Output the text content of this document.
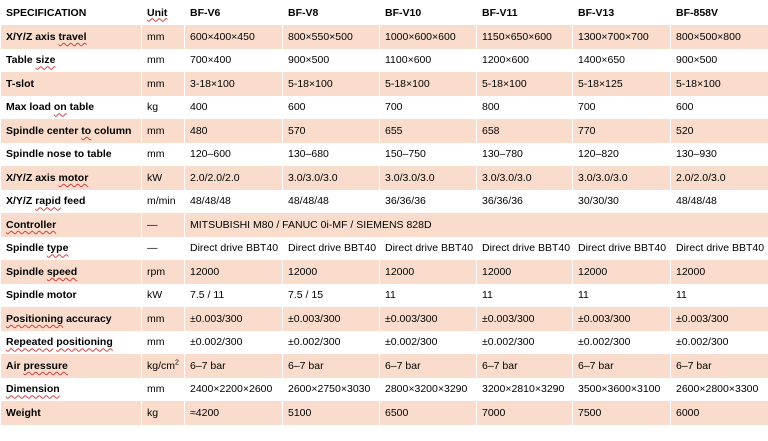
SPECIFICATION	Unit	BF-V6	BF-V8	BF-V10	BF-V11	BF-V13	BF-858V
X/Y/Z axis travel	mm	600×400×450	800×550×500	1000×600×600	1150×650×600	1300×700×700	800×500×800
Table size	mm	700×400	900×500	1100×600	1200×600	1400×650	900×500
T-slot	mm	3-18×100	5-18×100	5-18×100	5-18×100	5-18×125	5-18×100
Max load on table	kg	400	600	700	800	700	600
Spindle center to column	mm	480	570	655	658	770	520
Spindle nose to table	mm	120–600	130–680	150–750	130–780	120–820	130–930
X/Y/Z axis motor	kW	2.0/2.0/2.0	3.0/3.0/3.0	3.0/3.0/3.0	3.0/3.0/3.0	3.0/3.0/3.0	2.0/2.0/3.0
X/Y/Z rapid feed	m/min	48/48/48	48/48/48	36/36/36	36/36/36	30/30/30	48/48/48
Controller	—	MITSUBISHI M80 / FANUC 0i-MF / SIEMENS 828D					
Spindle type	—	Direct drive BBT40	Direct drive BBT40	Direct drive BBT40	Direct drive BBT40	Direct drive BBT40	Direct drive BBT40
Spindle speed	rpm	12000	12000	12000	12000	12000	12000
Spindle motor	kW	7.5 / 11	7.5 / 15	11	11	11	11
Positioning accuracy	mm	±0.003/300	±0.003/300	±0.003/300	±0.003/300	±0.003/300	±0.003/300
Repeated positioning	mm	±0.002/300	±0.002/300	±0.002/300	±0.002/300	±0.002/300	±0.002/300
Air pressure	$kg/cm^2$	6–7 bar	6–7 bar	6–7 bar	6–7 bar	6–7 bar	6–7 bar
Dimension	mm	2400×2200×2600	2600×2750×3030	2800×3200×3290	3200×2810×3290	3500×3600×3100	2600×2800×3300
Weight	kg	≈4200	5100	6500	7000	7500	6000
